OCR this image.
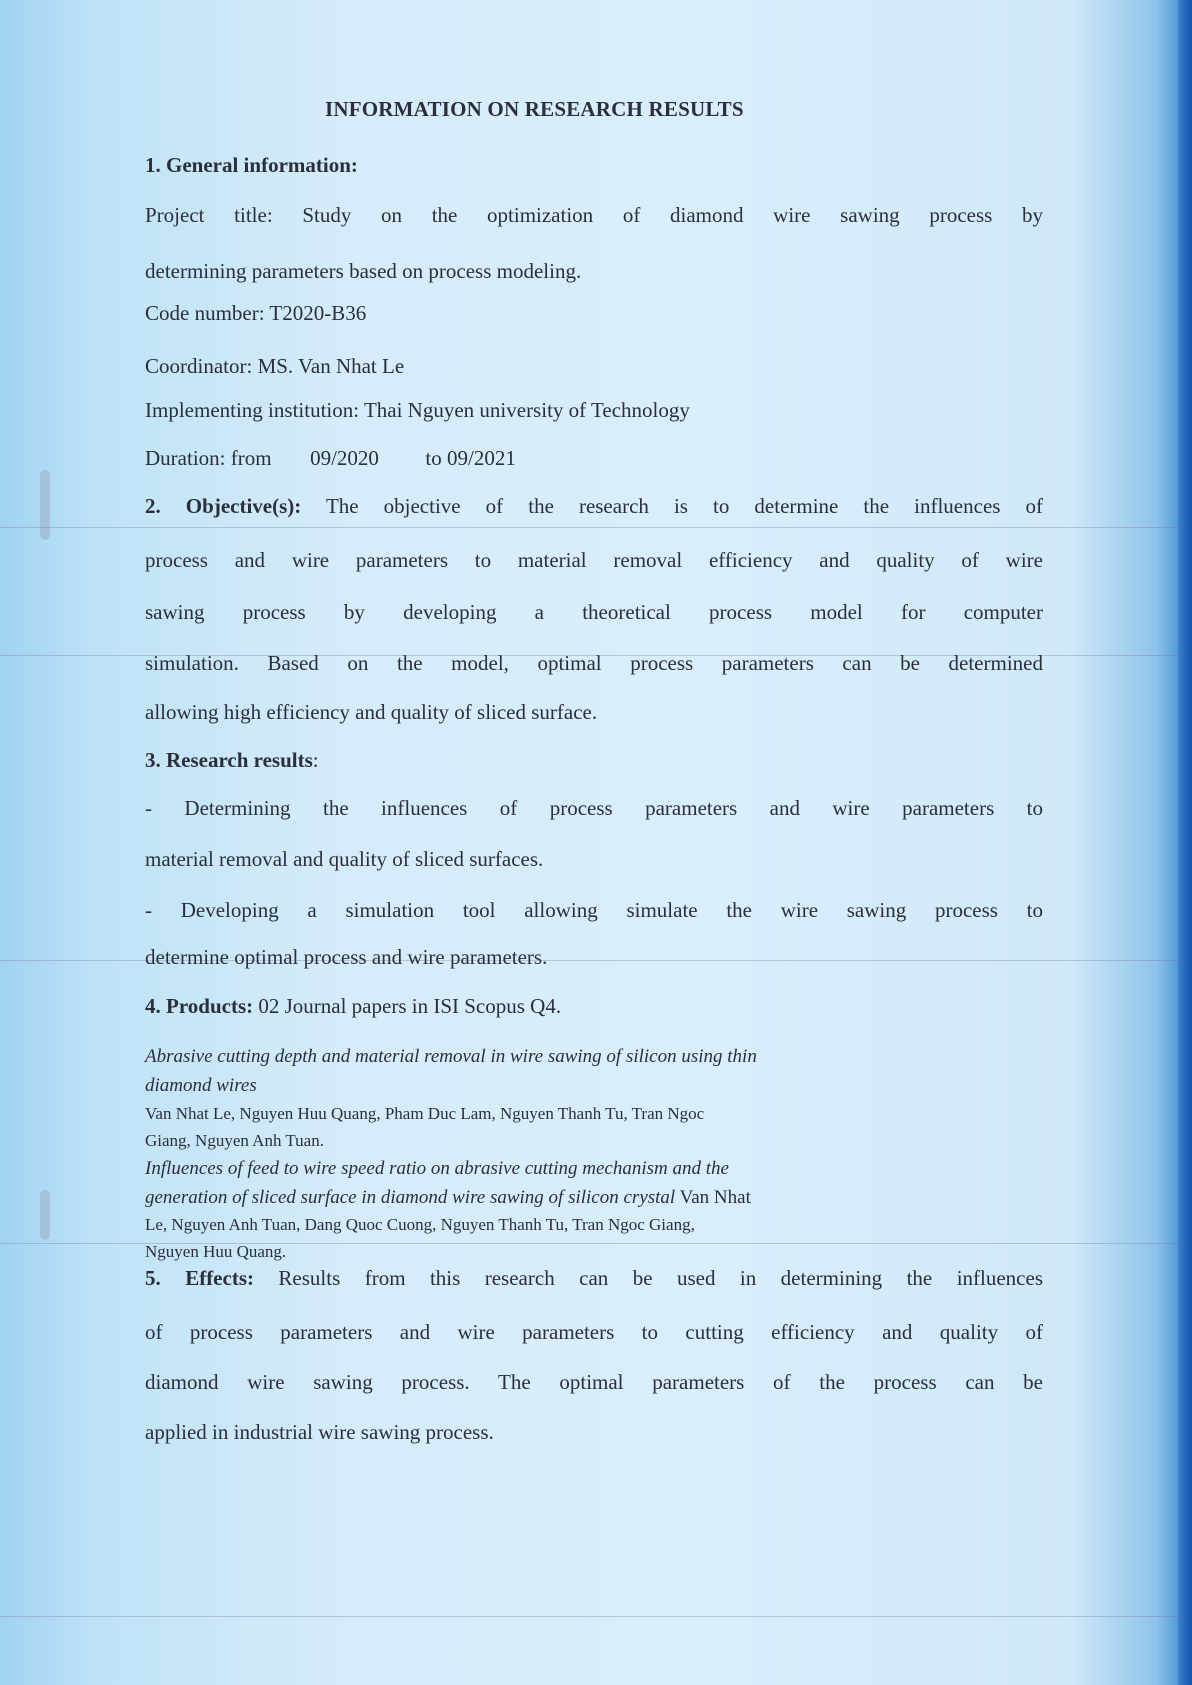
INFORMATION ON RESEARCH RESULTS
1. General information:
Project title: Study on the optimization of diamond wire sawing process by
determining parameters based on process modeling.
Code number: T2020-B36
Coordinator: MS. Van Nhat Le
Implementing institution: Thai Nguyen university of Technology
Duration: from 09/2020 to 09/2021
2. Objective(s): The objective of the research is to determine the influences of
process and wire parameters to material removal efficiency and quality of wire
sawing process by developing a theoretical process model for computer
simulation. Based on the model, optimal process parameters can be determined
allowing high efficiency and quality of sliced surface.
3. Research results:
- Determining the influences of process parameters and wire parameters to
material removal and quality of sliced surfaces.
- Developing a simulation tool allowing simulate the wire sawing process to
determine optimal process and wire parameters.
4. Products: 02 Journal papers in ISI Scopus Q4.
Abrasive cutting depth and material removal in wire sawing of silicon using thin
diamond wires
Van Nhat Le, Nguyen Huu Quang, Pham Duc Lam, Nguyen Thanh Tu, Tran Ngoc
Giang, Nguyen Anh Tuan.
Influences of feed to wire speed ratio on abrasive cutting mechanism and the
generation of sliced surface in diamond wire sawing of silicon crystal Van Nhat
Le, Nguyen Anh Tuan, Dang Quoc Cuong, Nguyen Thanh Tu, Tran Ngoc Giang,
Nguyen Huu Quang.
5. Effects: Results from this research can be used in determining the influences
of process parameters and wire parameters to cutting efficiency and quality of
diamond wire sawing process. The optimal parameters of the process can be
applied in industrial wire sawing process.
